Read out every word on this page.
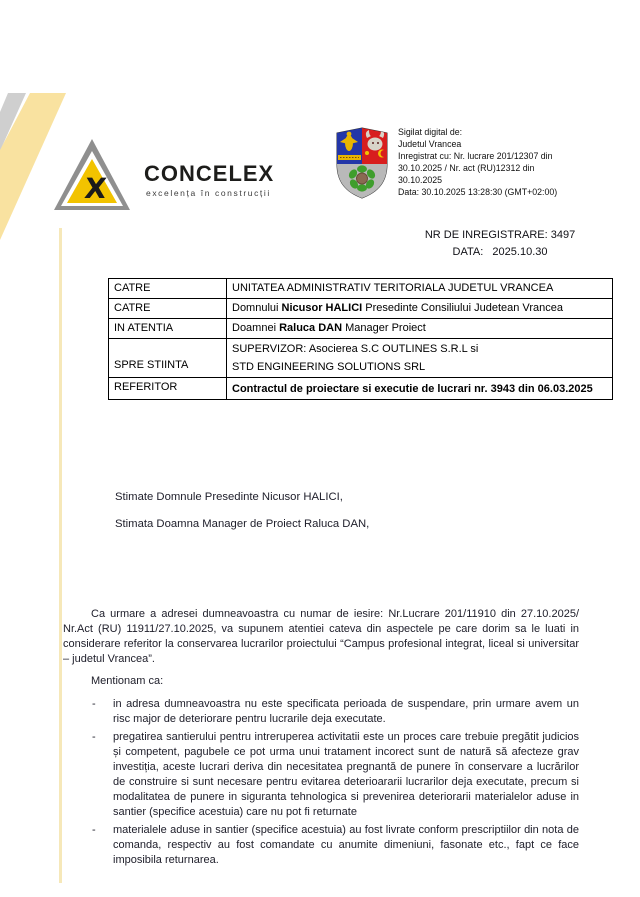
X CONCELEX
excelența în construcții
Sigilat digital de:
Judetul Vrancea
Inregistrat cu: Nr. lucrare 201/12307 din
30.10.2025 / Nr. act (RU)12312 din
30.10.2025
Data: 30.10.2025 13:28:30 (GMT+02:00)
NR DE INREGISTRARE: 3497
DATA:   2025.10.30
CATRE	UNITATEA ADMINISTRATIV TERITORIALA JUDETUL VRANCEA
CATRE	Domnului Nicusor HALICI Presedinte Consiliului Judetean Vrancea
IN ATENTIA	Doamnei Raluca DAN Manager Proiect
SPRE STIINTA	SUPERVIZOR: Asocierea S.C OUTLINES S.R.L si
STD ENGINEERING SOLUTIONS SRL

REFERITOR	Contractul de proiectare si executie de lucrari nr. 3943 din 06.03.2025
Stimate Domnule Presedinte Nicusor HALICI,
Stimata Doamna Manager de Proiect Raluca DAN,

Ca urmare a adresei dumneavoastra cu numar de iesire: Nr.Lucrare 201/11910 din 27.10.2025/ Nr.Act (RU) 11911/27.10.2025, va supunem atentiei cateva din aspectele pe care dorim sa le luati in considerare referitor la conservarea lucrarilor proiectului “Campus profesional integrat, liceal si universitar – judetul Vrancea”.

Mentionam ca:

- in adresa dumneavoastra nu este specificata perioada de suspendare, prin urmare avem un risc major de deteriorare pentru lucrarile deja executate.
- pregatirea santierului pentru intreruperea activitatii este un proces care trebuie pregătit judicios și competent, pagubele ce pot urma unui tratament incorect sunt de natură să afecteze grav investiția, aceste lucrari deriva din necesitatea pregnantă de punere în conservare a lucrărilor de construire si sunt necesare pentru evitarea deterioararii lucrarilor deja executate, precum si modalitatea de punere in siguranta tehnologica si prevenirea deteriorarii materialelor aduse in santier (specifice acestuia) care nu pot fi returnate
- materialele aduse in santier (specifice acestuia) au fost livrate conform prescriptiilor din nota de comanda, respectiv au fost comandate cu anumite dimeniuni, fasonate etc., fapt ce face imposibila returnarea.
